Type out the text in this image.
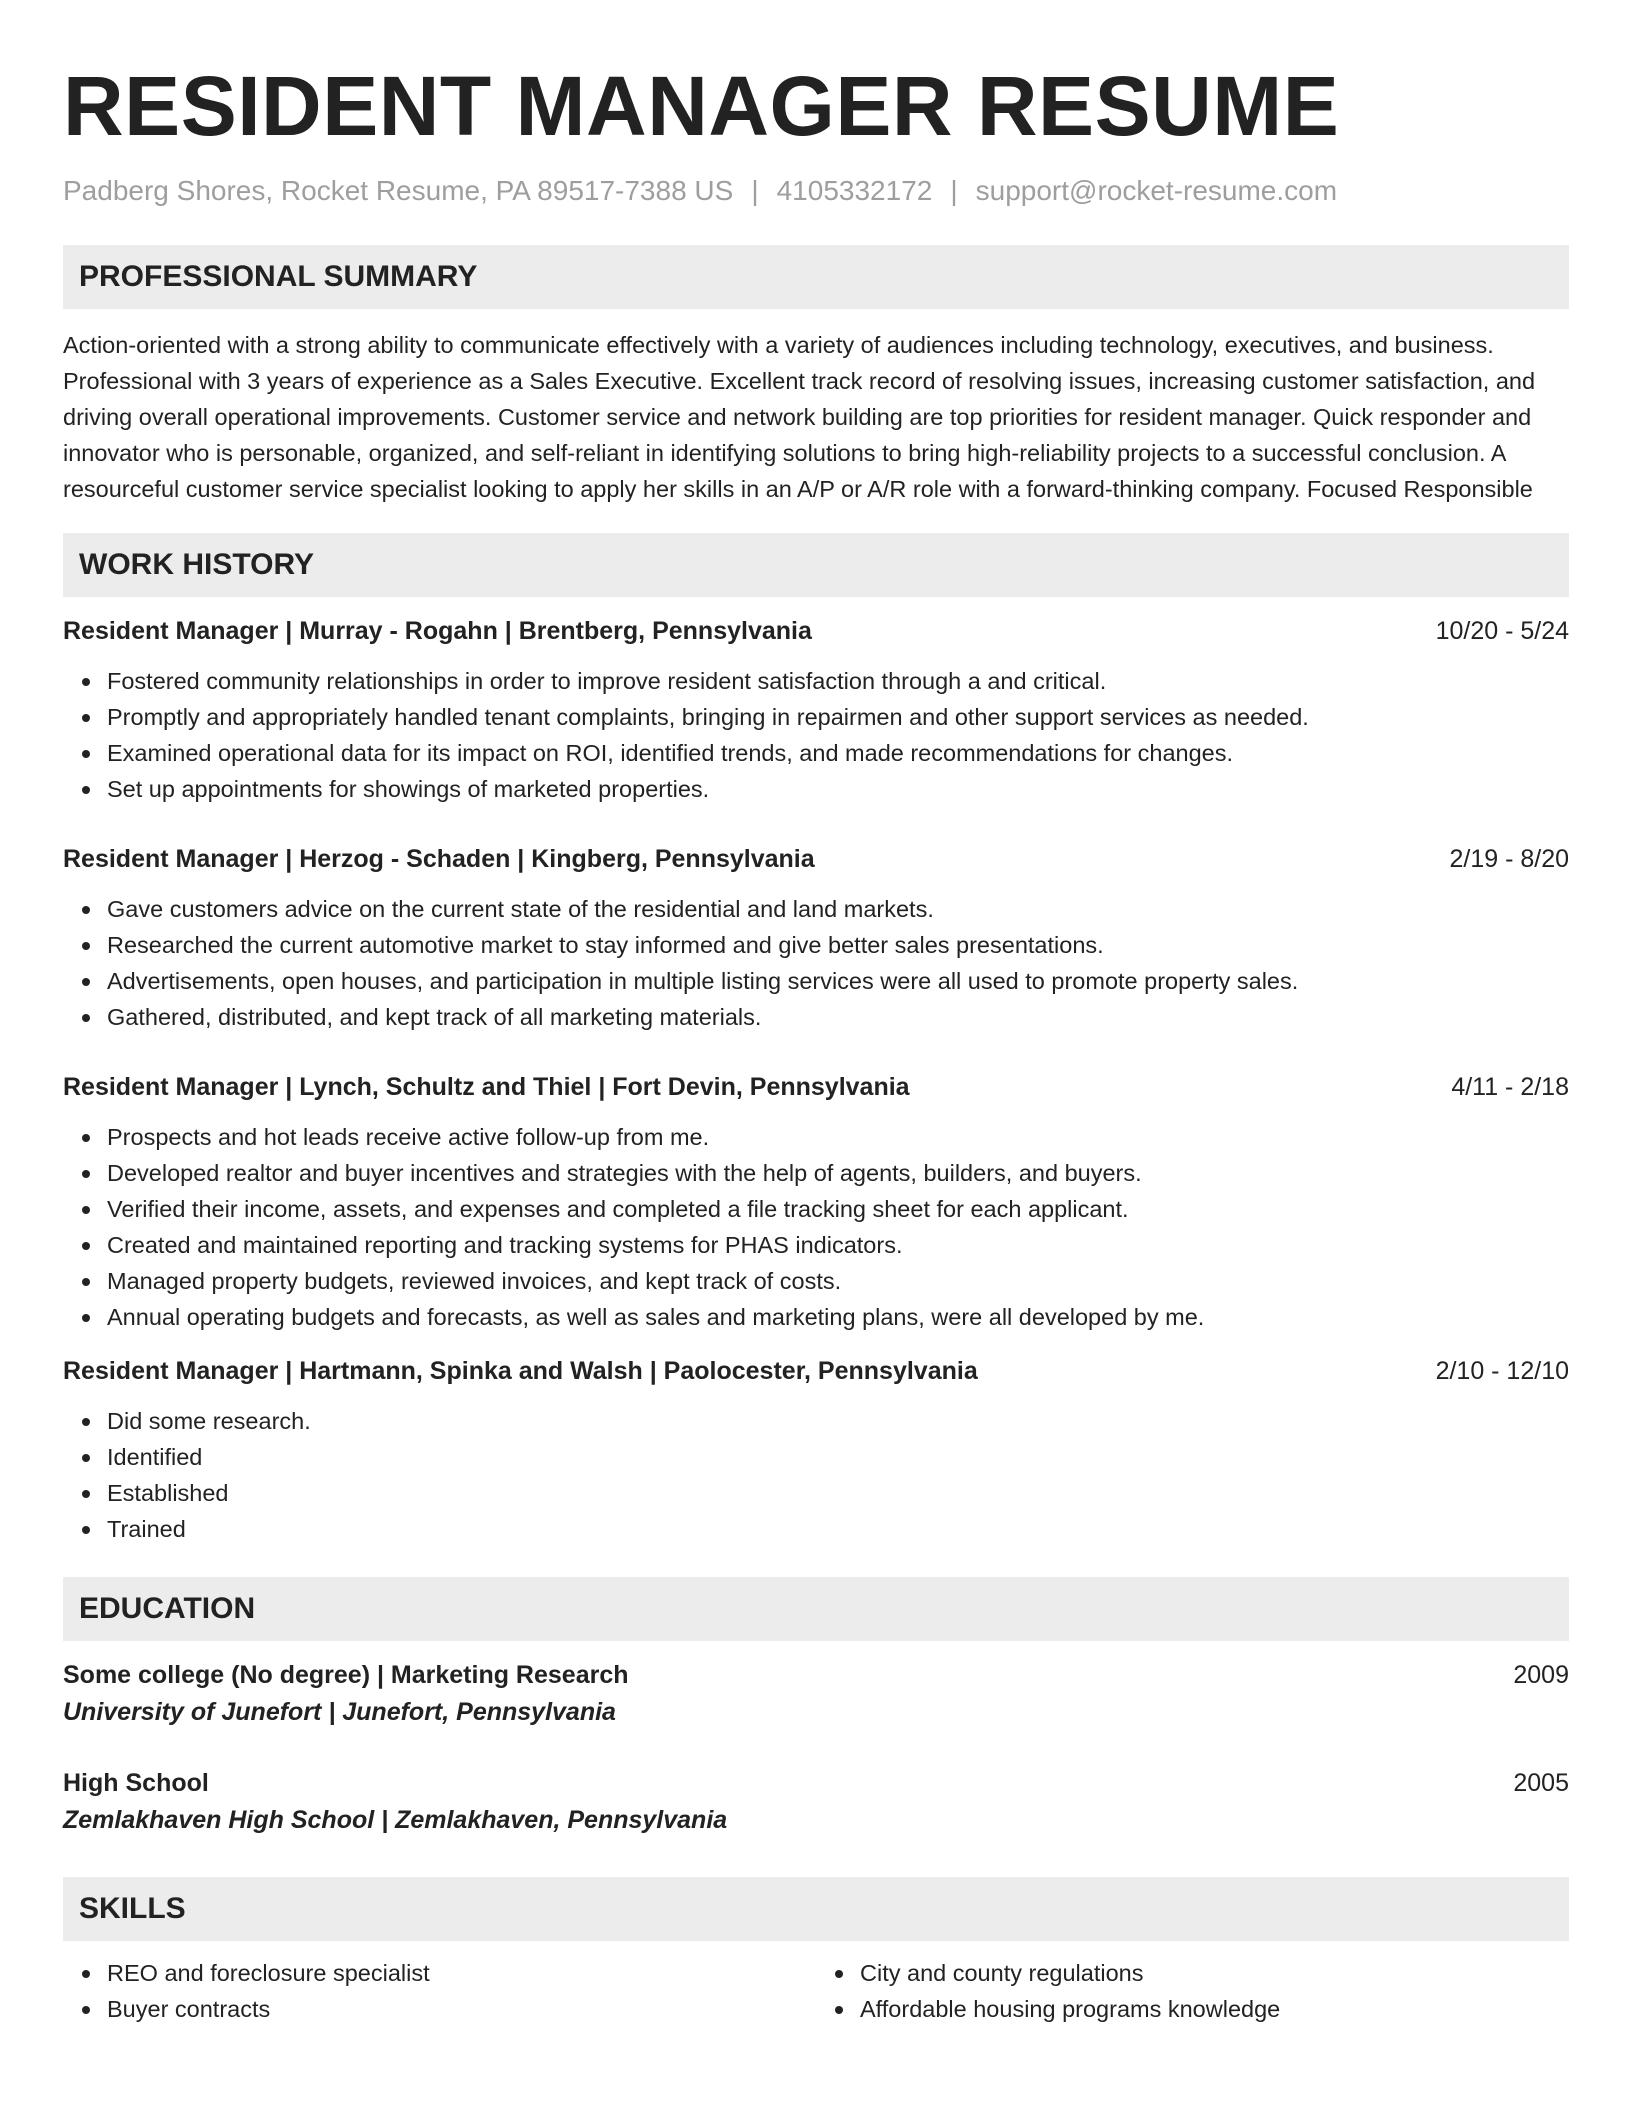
RESIDENT MANAGER RESUME
Padberg Shores, Rocket Resume, PA 89517-7388 US | 4105332172 | support@rocket-resume.com
PROFESSIONAL SUMMARY

Action-oriented with a strong ability to communicate effectively with a variety of audiences including technology, executives, and business. Professional with 3 years of experience as a Sales Executive. Excellent track record of resolving issues, increasing customer satisfaction, and driving overall operational improvements. Customer service and network building are top priorities for resident manager. Quick responder and innovator who is personable, organized, and self-reliant in identifying solutions to bring high-reliability projects to a successful conclusion. A resourceful customer service specialist looking to apply her skills in an A/P or A/R role with a forward-thinking company. Focused Responsible

WORK HISTORY
Resident Manager | Murray - Rogahn | Brentberg, Pennsylvania	10/20 - 5/24
Fostered community relationships in order to improve resident satisfaction through a and critical.
Promptly and appropriately handled tenant complaints, bringing in repairmen and other support services as needed.
Examined operational data for its impact on ROI, identified trends, and made recommendations for changes.
Set up appointments for showings of marketed properties.
Resident Manager | Herzog - Schaden | Kingberg, Pennsylvania	2/19 - 8/20
Gave customers advice on the current state of the residential and land markets.
Researched the current automotive market to stay informed and give better sales presentations.
Advertisements, open houses, and participation in multiple listing services were all used to promote property sales.
Gathered, distributed, and kept track of all marketing materials.
Resident Manager | Lynch, Schultz and Thiel | Fort Devin, Pennsylvania	4/11 - 2/18
Prospects and hot leads receive active follow-up from me.
Developed realtor and buyer incentives and strategies with the help of agents, builders, and buyers.
Verified their income, assets, and expenses and completed a file tracking sheet for each applicant.
Created and maintained reporting and tracking systems for PHAS indicators.
Managed property budgets, reviewed invoices, and kept track of costs.
Annual operating budgets and forecasts, as well as sales and marketing plans, were all developed by me.
Resident Manager | Hartmann, Spinka and Walsh | Paolocester, Pennsylvania	2/10 - 12/10
Did some research.
Identified
Established
Trained
EDUCATION
Some college (No degree) | Marketing Research	2009
University of Junefort | Junefort, Pennsylvania
High School	2005
Zemlakhaven High School | Zemlakhaven, Pennsylvania
SKILLS
REO and foreclosure specialist
Buyer contracts
City and county regulations
Affordable housing programs knowledge
